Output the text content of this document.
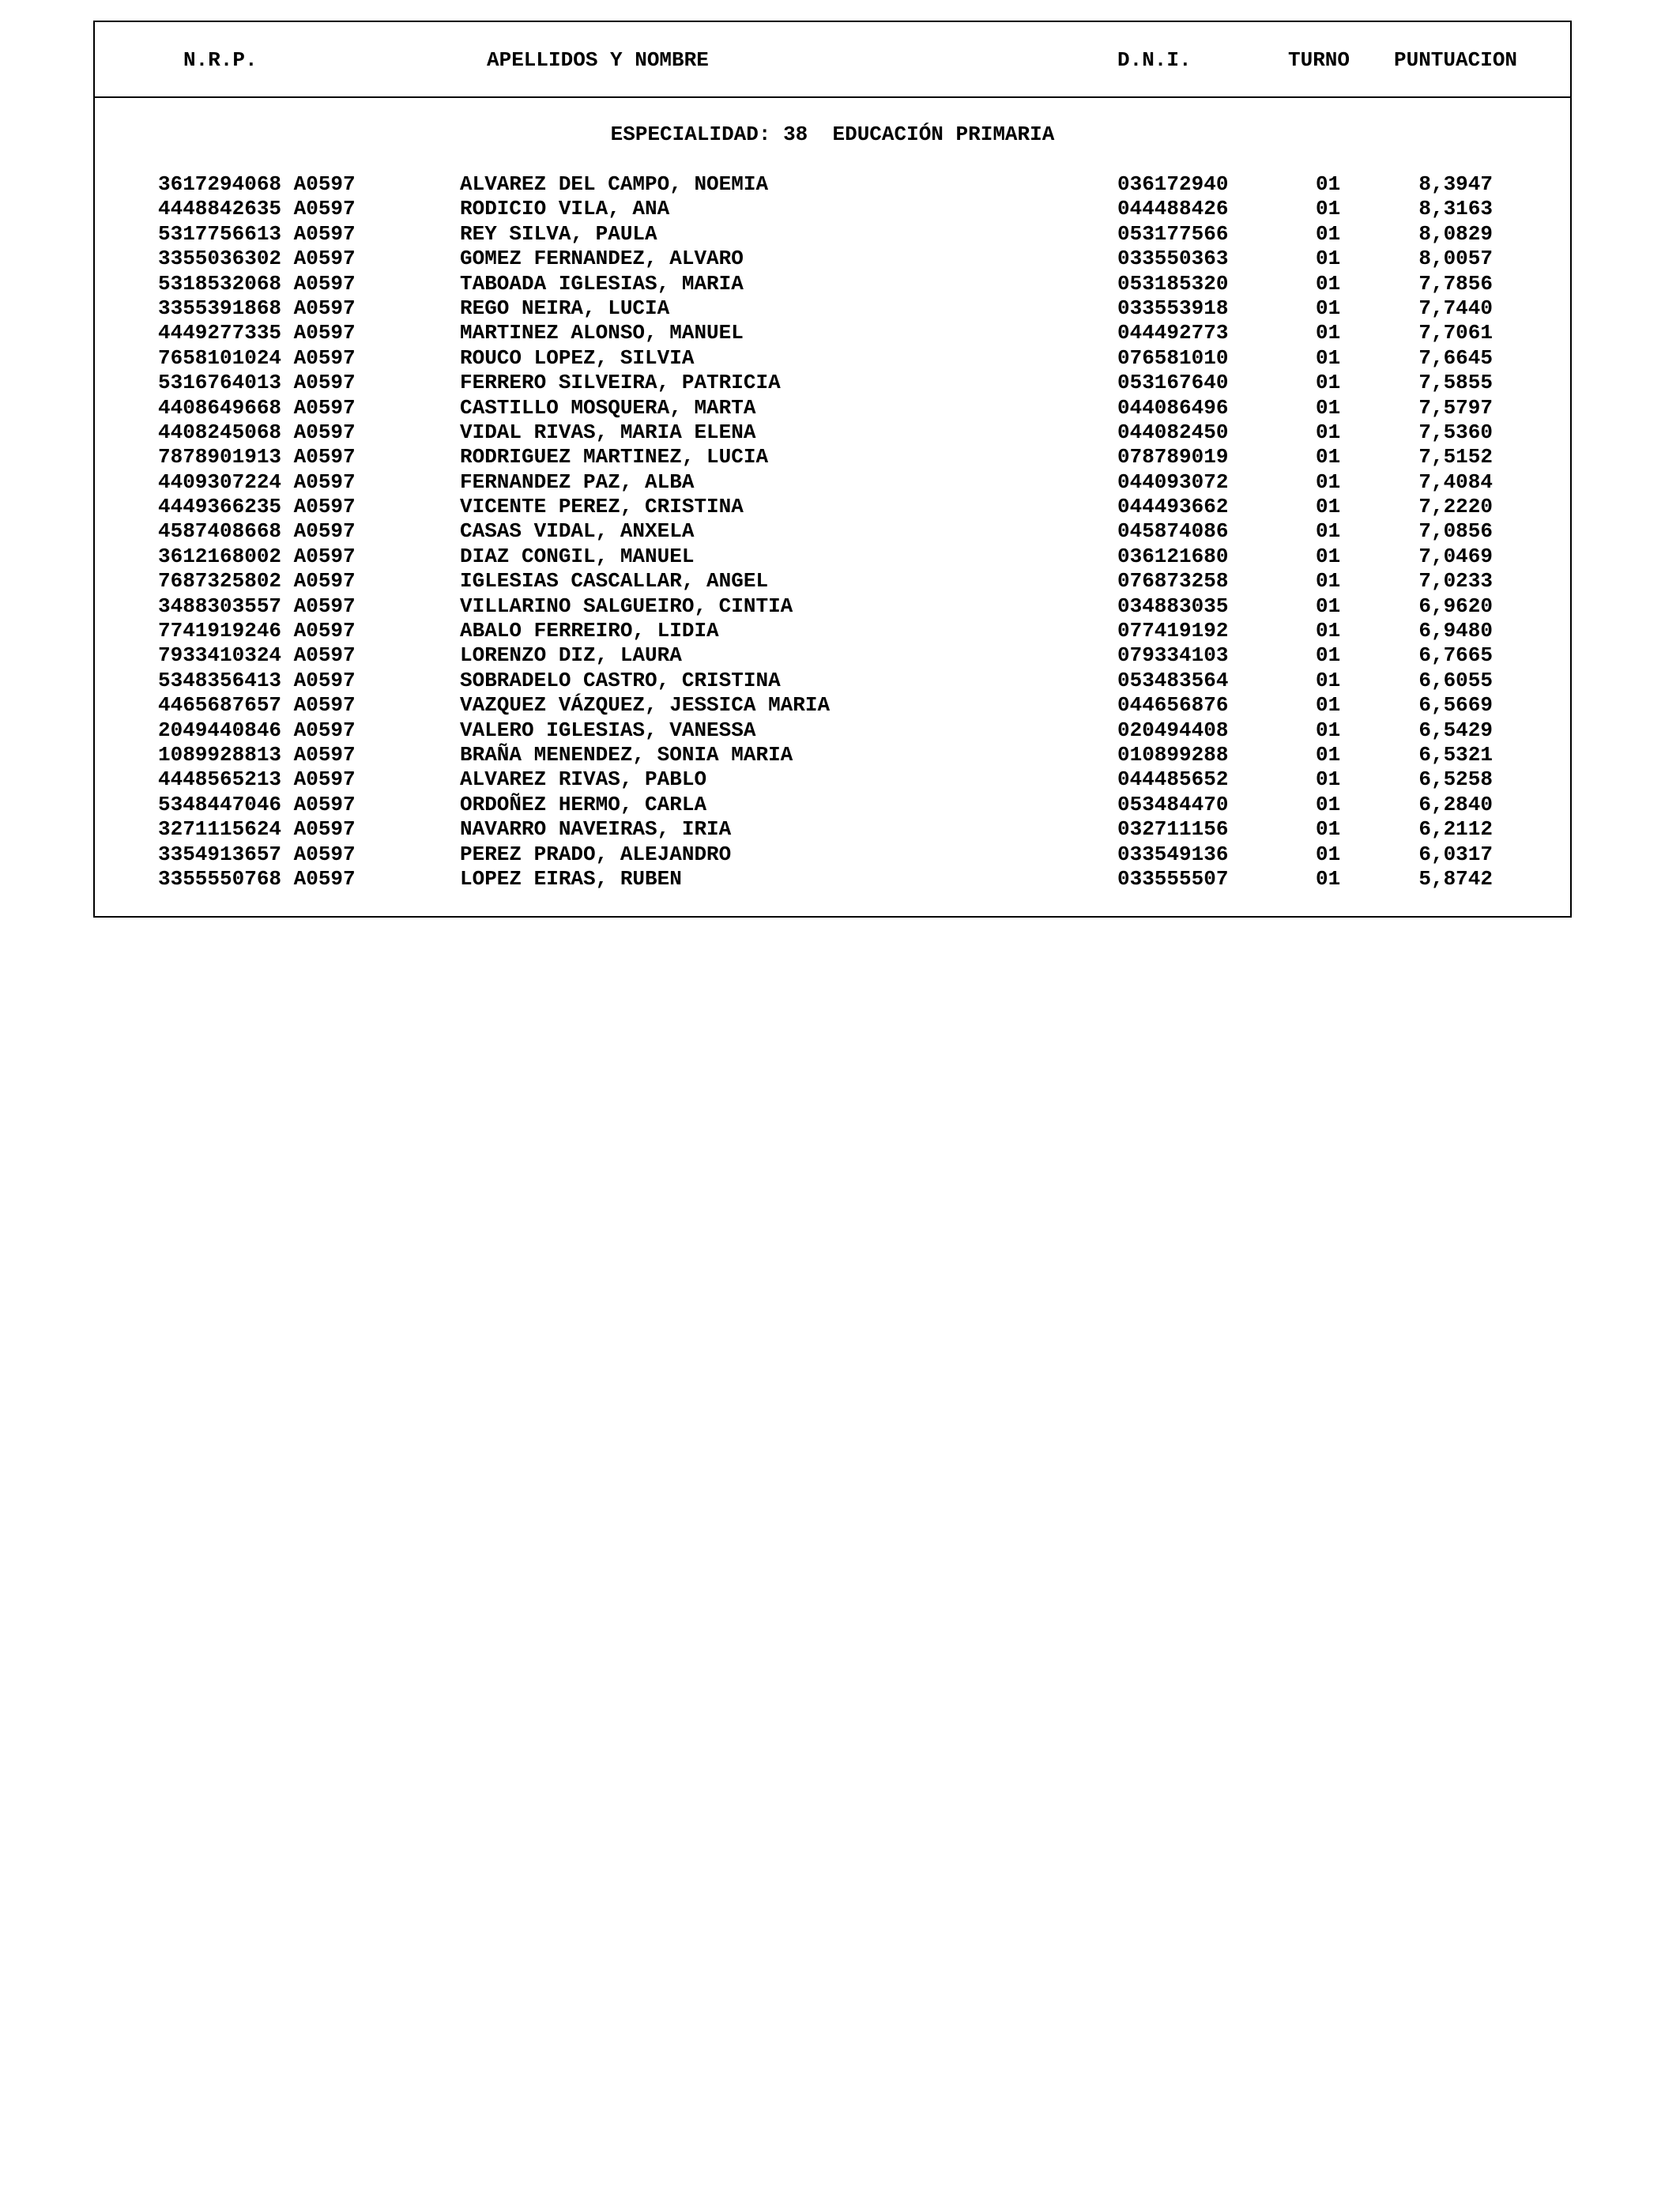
N.R.P.	APELLIDOS Y NOMBRE	D.N.I.	TURNO PUNTUACION
ESPECIALIDAD: 38  EDUCACIÓN PRIMARIA
3617294068 A0597	ALVAREZ DEL CAMPO, NOEMIA	036172940	01	8,3947
4448842635 A0597	RODICIO VILA, ANA	044488426	01	8,3163
5317756613 A0597	REY SILVA, PAULA	053177566	01	8,0829
3355036302 A0597	GOMEZ FERNANDEZ, ALVARO	033550363	01	8,0057
5318532068 A0597	TABOADA IGLESIAS, MARIA	053185320	01	7,7856
3355391868 A0597	REGO NEIRA, LUCIA	033553918	01	7,7440
4449277335 A0597	MARTINEZ ALONSO, MANUEL	044492773	01	7,7061
7658101024 A0597	ROUCO LOPEZ, SILVIA	076581010	01	7,6645
5316764013 A0597	FERRERO SILVEIRA, PATRICIA	053167640	01	7,5855
4408649668 A0597	CASTILLO MOSQUERA, MARTA	044086496	01	7,5797
4408245068 A0597	VIDAL RIVAS, MARIA ELENA	044082450	01	7,5360
7878901913 A0597	RODRIGUEZ MARTINEZ, LUCIA	078789019	01	7,5152
4409307224 A0597	FERNANDEZ PAZ, ALBA	044093072	01	7,4084
4449366235 A0597	VICENTE PEREZ, CRISTINA	044493662	01	7,2220
4587408668 A0597	CASAS VIDAL, ANXELA	045874086	01	7,0856
3612168002 A0597	DIAZ CONGIL, MANUEL	036121680	01	7,0469
7687325802 A0597	IGLESIAS CASCALLAR, ANGEL	076873258	01	7,0233
3488303557 A0597	VILLARINO SALGUEIRO, CINTIA	034883035	01	6,9620
7741919246 A0597	ABALO FERREIRO, LIDIA	077419192	01	6,9480
7933410324 A0597	LORENZO DIZ, LAURA	079334103	01	6,7665
5348356413 A0597	SOBRADELO CASTRO, CRISTINA	053483564	01	6,6055
4465687657 A0597	VAZQUEZ VÁZQUEZ, JESSICA MARIA	044656876	01	6,5669
2049440846 A0597	VALERO IGLESIAS, VANESSA	020494408	01	6,5429
1089928813 A0597	BRAÑA MENENDEZ, SONIA MARIA	010899288	01	6,5321
4448565213 A0597	ALVAREZ RIVAS, PABLO	044485652	01	6,5258
5348447046 A0597	ORDOÑEZ HERMO, CARLA	053484470	01	6,2840
3271115624 A0597	NAVARRO NAVEIRAS, IRIA	032711156	01	6,2112
3354913657 A0597	PEREZ PRADO, ALEJANDRO	033549136	01	6,0317
3355550768 A0597	LOPEZ EIRAS, RUBEN	033555507	01	5,8742
